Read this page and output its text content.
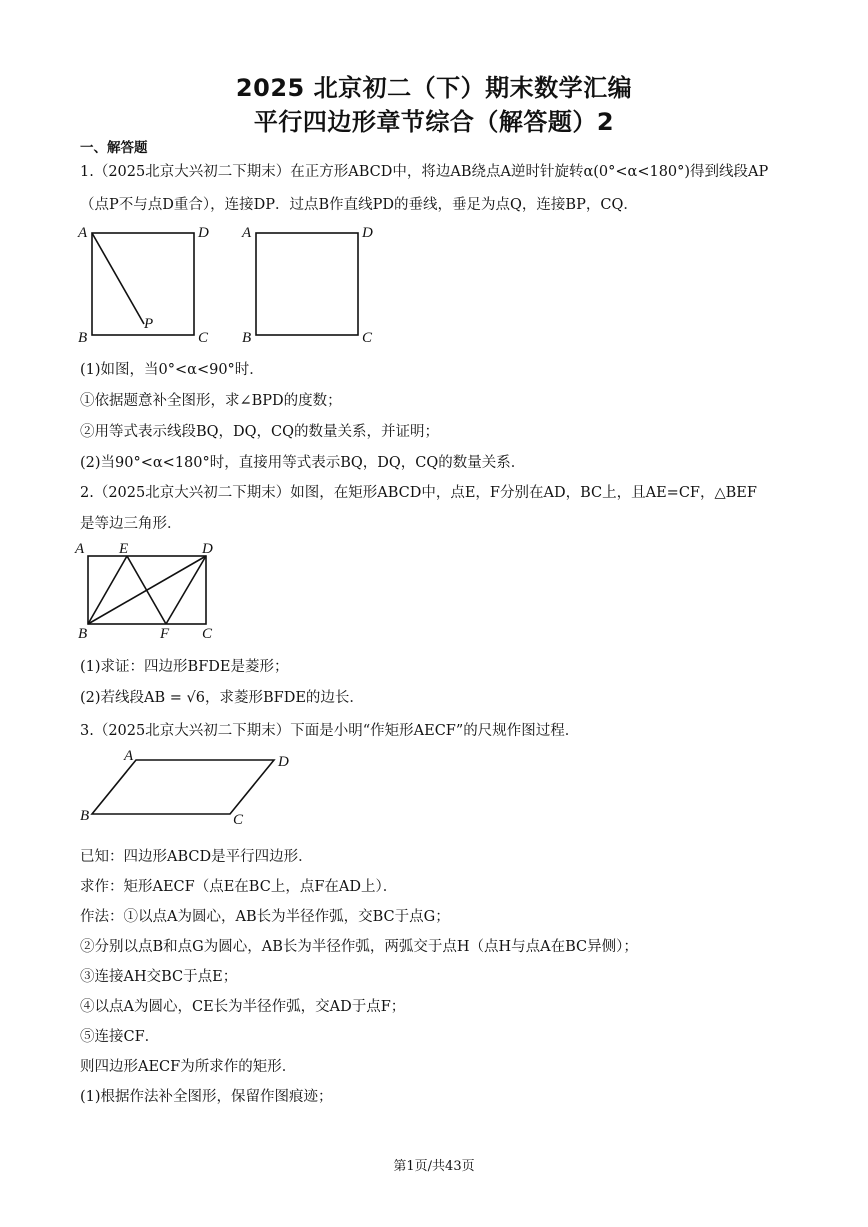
2025 北京初二（下）期末数学汇编
平行四边形章节综合（解答题）2
一、解答题
1.（2025北京大兴初二下期末）在正方形ABCD中，将边AB绕点A逆时针旋转α(0°<α<180°)得到线段AP
（点P不与点D重合），连接DP．过点B作直线PD的垂线，垂足为点Q，连接BP，CQ．
A	D
B	C
P
A	D
B	C
A E	D
B	F C
A	D
B	C
(1)如图，当0°<α<90°时．
①依据题意补全图形，求∠BPD的度数；
②用等式表示线段BQ，DQ，CQ的数量关系，并证明；
(2)当90°<α<180°时，直接用等式表示BQ，DQ，CQ的数量关系．
2.（2025北京大兴初二下期末）如图，在矩形ABCD中，点E，F分别在AD，BC上，且AE=CF，△BEF
是等边三角形．
(1)求证：四边形BFDE是菱形；
(2)若线段AB = √6，求菱形BFDE的边长．
3.（2025北京大兴初二下期末）下面是小明“作矩形AECF”的尺规作图过程．
已知：四边形ABCD是平行四边形．
求作：矩形AECF（点E在BC上，点F在AD上）．
作法：①以点A为圆心，AB长为半径作弧，交BC于点G；
②分别以点B和点G为圆心，AB长为半径作弧，两弧交于点H（点H与点A在BC异侧）；
③连接AH交BC于点E；
④以点A为圆心，CE长为半径作弧，交AD于点F；
⑤连接CF．
则四边形AECF为所求作的矩形．
(1)根据作法补全图形，保留作图痕迹；
第1页/共43页
